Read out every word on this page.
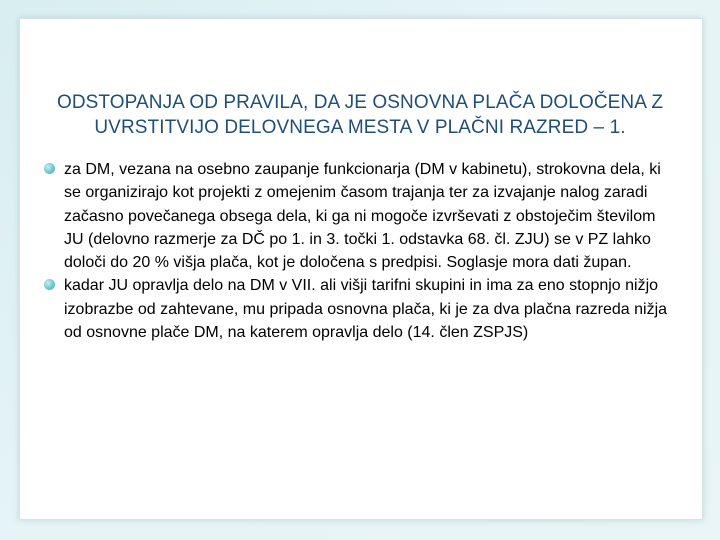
ODSTOPANJA OD PRAVILA, DA JE OSNOVNA PLAČA DOLOČENA Z UVRSTITVIJO DELOVNEGA MESTA V PLAČNI RAZRED – 1.
za DM, vezana na osebno zaupanje funkcionarja (DM v kabinetu), strokovna dela, ki se organizirajo kot projekti z omejenim časom trajanja ter za izvajanje nalog zaradi začasno povečanega obsega dela, ki ga ni mogoče izvrševati z obstoječim številom JU (delovno razmerje za DČ po 1. in 3. točki 1. odstavka 68. čl. ZJU) se v PZ lahko določi do 20 % višja plača, kot je določena s predpisi. Soglasje mora dati župan.
kadar JU opravlja delo na DM v VII. ali višji tarifni skupini in ima za eno stopnjo nižjo izobrazbe od zahtevane, mu pripada osnovna plača, ki je za dva plačna razreda nižja od osnovne plače DM, na katerem opravlja delo (14. člen ZSPJS)
